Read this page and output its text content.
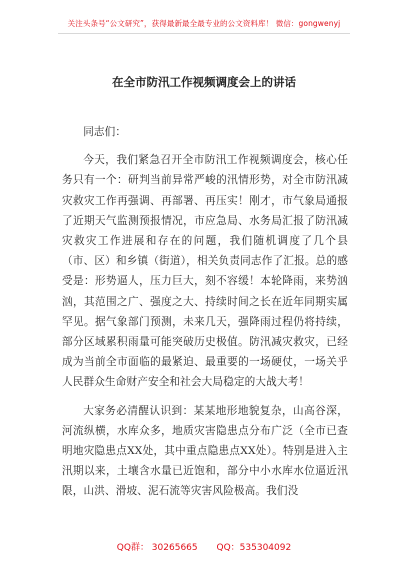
关注头条号“公文研究”，获得最新最全最专业的公文资料库！ 微信：gongwenyj
在全市防汛工作视频调度会上的讲话

同志们：

今天，我们紧急召开全市防汛工作视频调度会，核心任务只有一个：研判当前异常严峻的汛情形势，对全市防汛减灾救灾工作再强调、再部署、再压实！刚才，市气象局通报了近期天气监测预报情况，市应急局、水务局汇报了防汛减灾救灾工作进展和存在的问题，我们随机调度了几个县（市、区）和乡镇（街道），相关负责同志作了汇报。总的感受是：形势逼人，压力巨大，刻不容缓！本轮降雨，来势汹汹，其范围之广、强度之大、持续时间之长在近年同期实属罕见。据气象部门预测，未来几天，强降雨过程仍将持续，部分区域累积雨量可能突破历史极值。防汛减灾救灾，已经成为当前全市面临的最紧迫、最重要的一场硬仗，一场关乎人民群众生命财产安全和社会大局稳定的大战大考！

大家务必清醒认识到：某某地形地貌复杂，山高谷深，河流纵横，水库众多，地质灾害隐患点分布广泛（全市已查明地灾隐患点XX处，其中重点隐患点XX处）。特别是进入主汛期以来，土壤含水量已近饱和，部分中小水库水位逼近汛限，山洪、滑坡、泥石流等灾害风险极高。我们没

QQ群： 30265665 QQ：535304092
